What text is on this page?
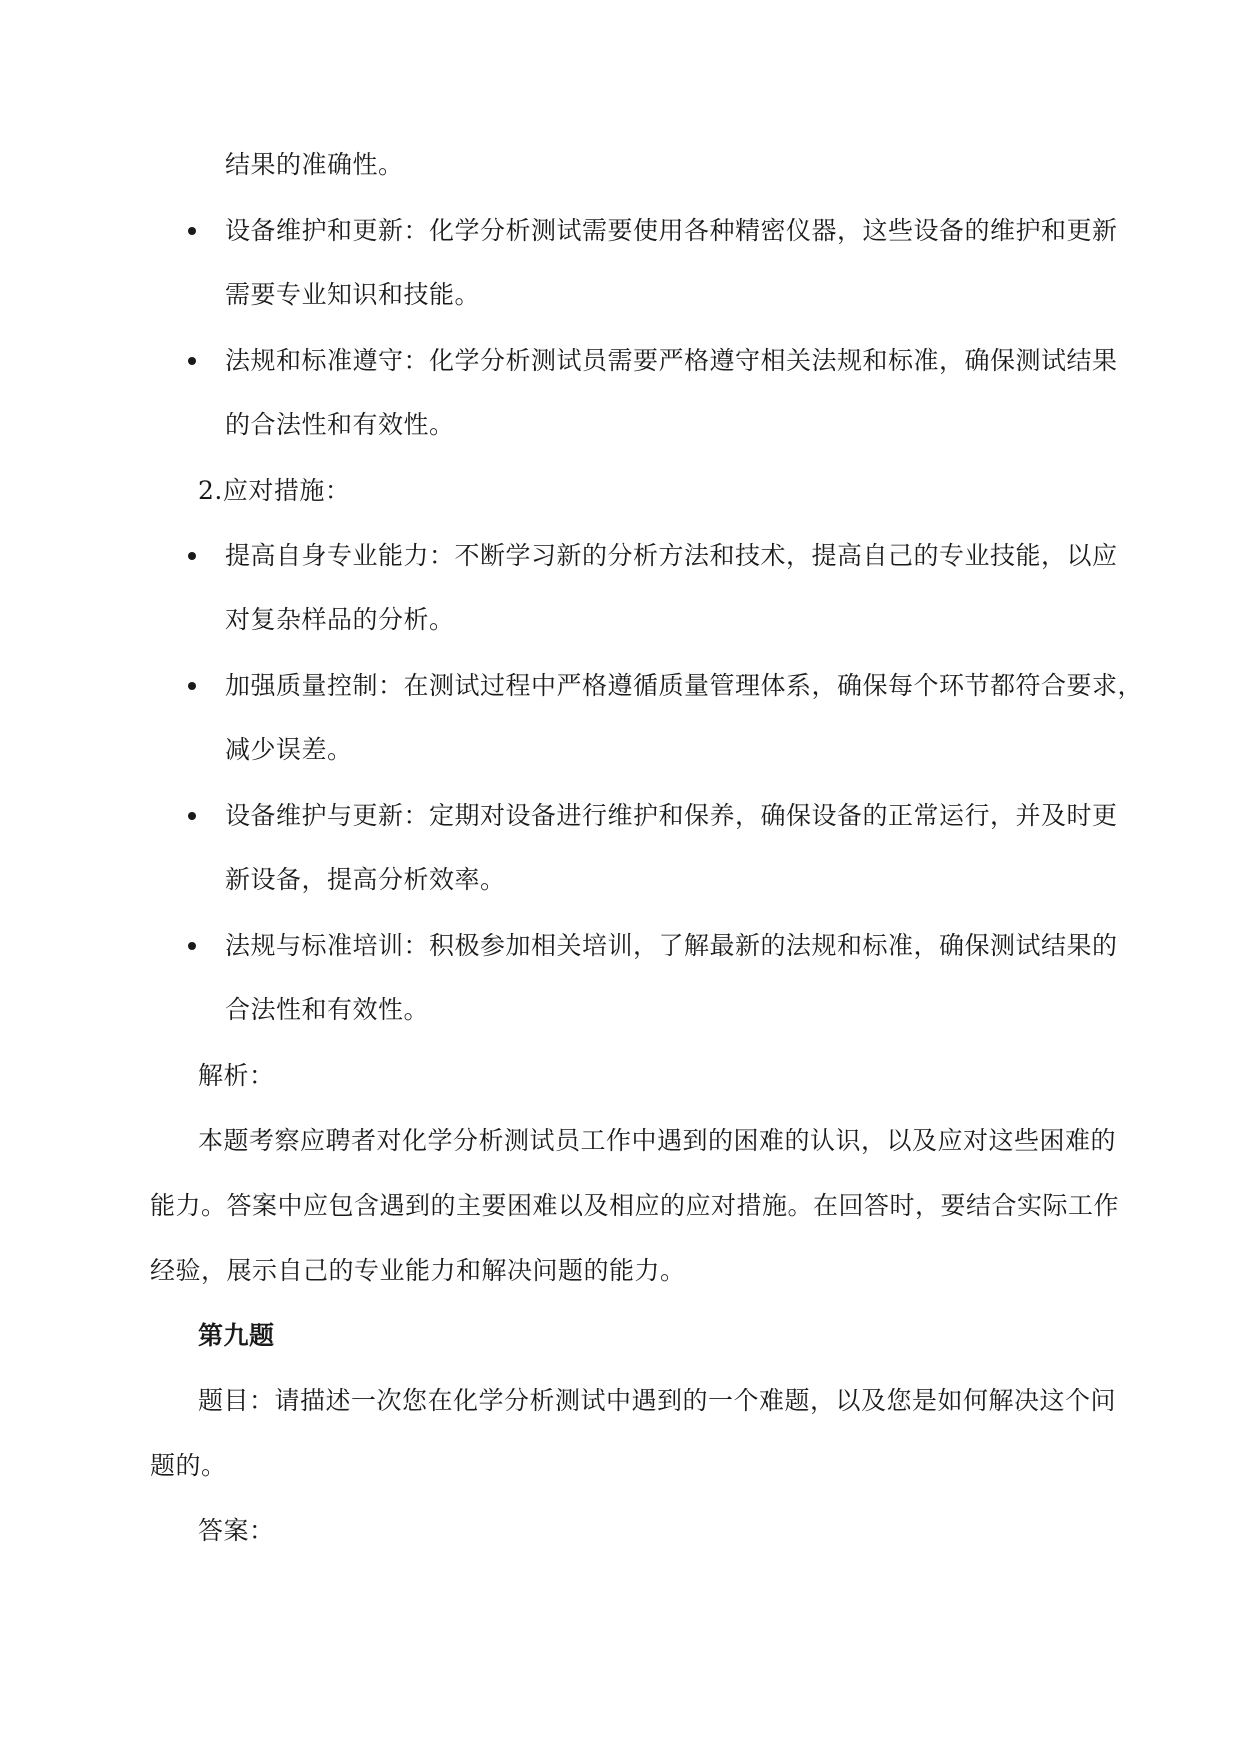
结果的准确性。
设备维护和更新：化学分析测试需要使用各种精密仪器，这些设备的维护和更新
需要专业知识和技能。
法规和标准遵守：化学分析测试员需要严格遵守相关法规和标准，确保测试结果
的合法性和有效性。
2.应对措施：
提高自身专业能力：不断学习新的分析方法和技术，提高自己的专业技能，以应
对复杂样品的分析。
加强质量控制：在测试过程中严格遵循质量管理体系，确保每个环节都符合要求，
减少误差。
设备维护与更新：定期对设备进行维护和保养，确保设备的正常运行，并及时更
新设备，提高分析效率。
法规与标准培训：积极参加相关培训，了解最新的法规和标准，确保测试结果的
合法性和有效性。
解析：
本题考察应聘者对化学分析测试员工作中遇到的困难的认识，以及应对这些困难的
能力。答案中应包含遇到的主要困难以及相应的应对措施。在回答时，要结合实际工作
经验，展示自己的专业能力和解决问题的能力。
第九题
题目：请描述一次您在化学分析测试中遇到的一个难题，以及您是如何解决这个问
题的。
答案：
